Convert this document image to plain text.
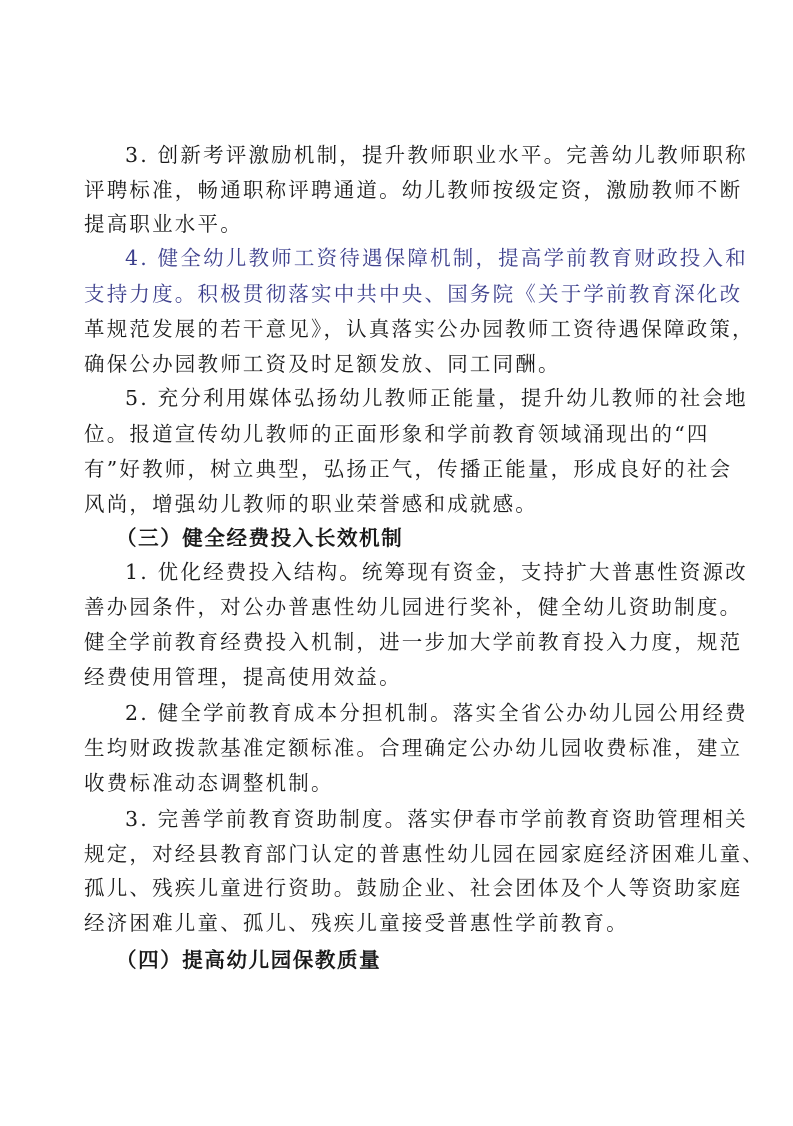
3. 创新考评激励机制，提升教师职业水平。完善幼儿教师职称
评聘标准，畅通职称评聘通道。幼儿教师按级定资，激励教师不断
提高职业水平。
4. 健全幼儿教师工资待遇保障机制，提高学前教育财政投入和
支持力度。积极贯彻落实中共中央、国务院《关于学前教育深化改
革规范发展的若干意见》，认真落实公办园教师工资待遇保障政策，
确保公办园教师工资及时足额发放、同工同酬。
5. 充分利用媒体弘扬幼儿教师正能量，提升幼儿教师的社会地
位。报道宣传幼儿教师的正面形象和学前教育领域涌现出的“四
有”好教师，树立典型，弘扬正气，传播正能量，形成良好的社会
风尚，增强幼儿教师的职业荣誉感和成就感。
（三）健全经费投入长效机制
1. 优化经费投入结构。统筹现有资金，支持扩大普惠性资源改
善办园条件，对公办普惠性幼儿园进行奖补，健全幼儿资助制度。
健全学前教育经费投入机制，进一步加大学前教育投入力度，规范
经费使用管理，提高使用效益。
2. 健全学前教育成本分担机制。落实全省公办幼儿园公用经费
生均财政拨款基准定额标准。合理确定公办幼儿园收费标准，建立
收费标准动态调整机制。
3. 完善学前教育资助制度。落实伊春市学前教育资助管理相关
规定，对经县教育部门认定的普惠性幼儿园在园家庭经济困难儿童、
孤儿、残疾儿童进行资助。鼓励企业、社会团体及个人等资助家庭
经济困难儿童、孤儿、残疾儿童接受普惠性学前教育。
（四）提高幼儿园保教质量
